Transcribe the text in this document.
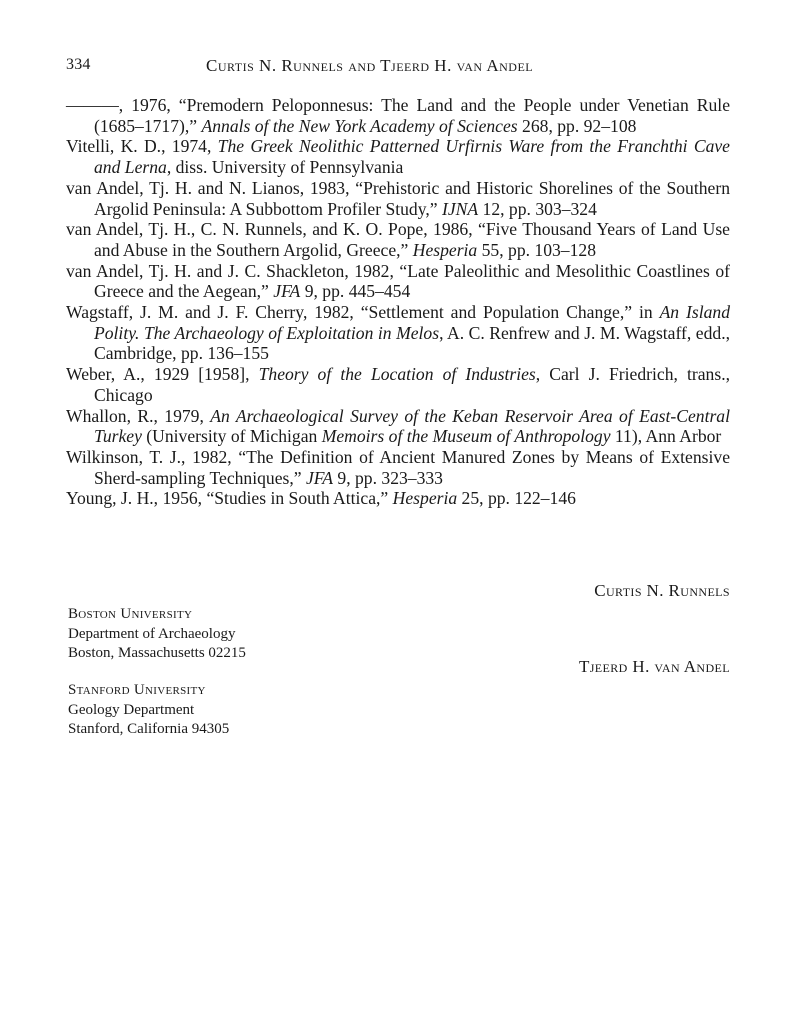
334	Curtis N. Runnels and Tjeerd H. van Andel

———, 1976, “Premodern Peloponnesus: The Land and the People under Venetian Rule (1685–1717),” Annals of the New York Academy of Sciences 268, pp. 92–108

Vitelli, K. D., 1974, The Greek Neolithic Patterned Urfirnis Ware from the Franchthi Cave and Lerna, diss. University of Pennsylvania

van Andel, Tj. H. and N. Lianos, 1983, “Prehistoric and Historic Shorelines of the Southern Argolid Peninsula: A Subbottom Profiler Study,” IJNA 12, pp. 303–324

van Andel, Tj. H., C. N. Runnels, and K. O. Pope, 1986, “Five Thousand Years of Land Use and Abuse in the Southern Argolid, Greece,” Hesperia 55, pp. 103–128

van Andel, Tj. H. and J. C. Shackleton, 1982, “Late Paleolithic and Mesolithic Coastlines of Greece and the Aegean,” JFA 9, pp. 445–454

Wagstaff, J. M. and J. F. Cherry, 1982, “Settlement and Population Change,” in An Island Polity. The Archaeology of Exploitation in Melos, A. C. Renfrew and J. M. Wagstaff, edd., Cambridge, pp. 136–155

Weber, A., 1929 [1958], Theory of the Location of Industries, Carl J. Friedrich, trans., Chicago

Whallon, R., 1979, An Archaeological Survey of the Keban Reservoir Area of East-Central Turkey (University of Michigan Memoirs of the Museum of Anthropology 11), Ann Arbor

Wilkinson, T. J., 1982, “The Definition of Ancient Manured Zones by Means of Extensive Sherd-sampling Techniques,” JFA 9, pp. 323–333

Young, J. H., 1956, “Studies in South Attica,” Hesperia 25, pp. 122–146

Curtis N. Runnels
Boston University
Department of Archaeology
Boston, Massachusetts 02215
Tjeerd H. van Andel
Stanford University
Geology Department
Stanford, California 94305
